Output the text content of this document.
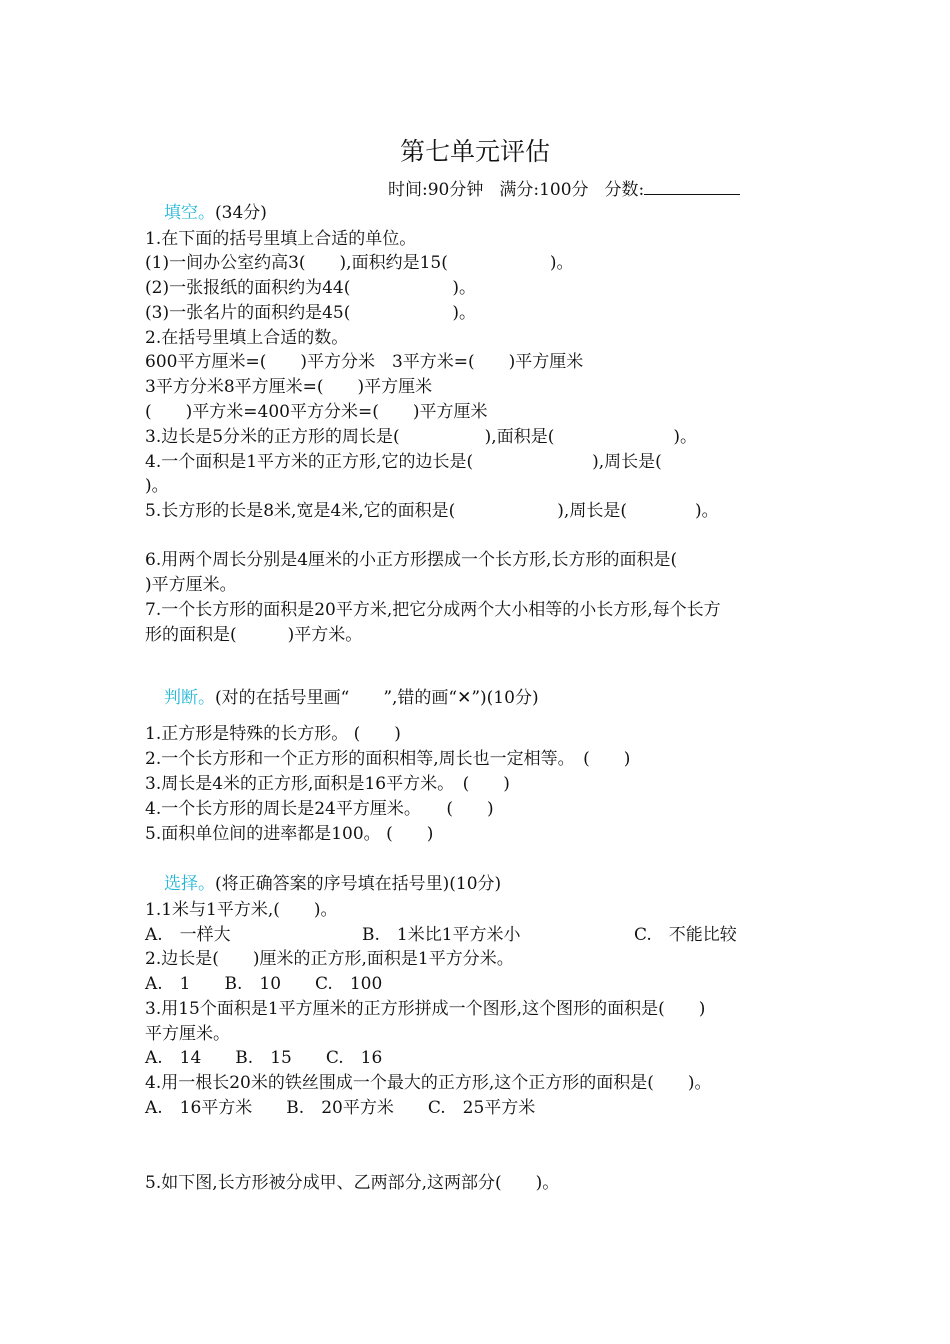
第七单元评估
时间:90分钟 满分:100分 分数:
填空。(34分)
1.在下面的括号里填上合适的单位。
(1)一间办公室约高3(　　),面积约是15(　　　　　　)。
(2)一张报纸的面积约为44(　　　　　　)。
(3)一张名片的面积约是45(　　　　　　)。
2.在括号里填上合适的数。
600平方厘米=(　　)平方分米　3平方米=(　　)平方厘米
3平方分米8平方厘米=(　　)平方厘米
(　　)平方米=400平方分米=(　　)平方厘米
3.边长是5分米的正方形的周长是(　　　　　),面积是(　　　　　　　)。
4.一个面积是1平方米的正方形,它的边长是(　　　　　　　),周长是(
)。
5.长方形的长是8米,宽是4米,它的面积是(　　　　　　),周长是(　　　　)。
6.用两个周长分别是4厘米的小正方形摆成一个长方形,长方形的面积是(
)平方厘米。
7.一个长方形的面积是20平方米,把它分成两个大小相等的小长方形,每个长方
形的面积是(　　　)平方米。
判断。(对的在括号里画“　　”,错的画“✕”)(10分)
1.正方形是特殊的长方形。 (　　)
2.一个长方形和一个正方形的面积相等,周长也一定相等。　(　　)
3.周长是4米的正方形,面积是16平方米。　(　　)
4.一个长方形的周长是24平方厘米。　　(　　)
5.面积单位间的进率都是100。 (　　)
选择。(将正确答案的序号填在括号里)(10分)
1.1米与1平方米,(　　)。
A.　一样大	B.　1米比1平方米小	C.　不能比较
2.边长是(　　)厘米的正方形,面积是1平方分米。
A.　1　　B.　10　　C.　100
3.用15个面积是1平方厘米的正方形拼成一个图形,这个图形的面积是(　　)
平方厘米。
A.　14　　B.　15　　C.　16
4.用一根长20米的铁丝围成一个最大的正方形,这个正方形的面积是(　　)。
A.　16平方米　　B.　20平方米　　C.　25平方米
5.如下图,长方形被分成甲、乙两部分,这两部分(　　)。
